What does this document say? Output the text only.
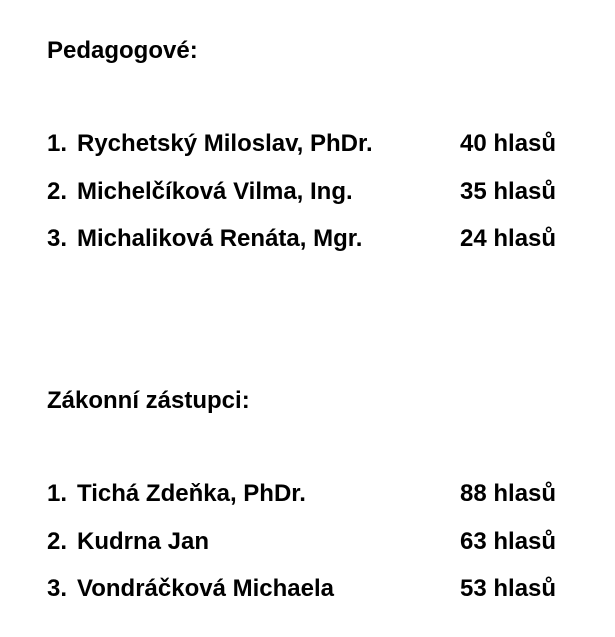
Pedagogové:
1. Rychetský Miloslav, PhDr.	40 hlasů
2. Michelčíková Vilma, Ing.	35 hlasů
3. Michaliková Renáta, Mgr.	24 hlasů
Zákonní zástupci:
1. Tichá Zdeňka, PhDr.	88 hlasů
2. Kudrna Jan	63 hlasů
3. Vondráčková Michaela	53 hlasů
